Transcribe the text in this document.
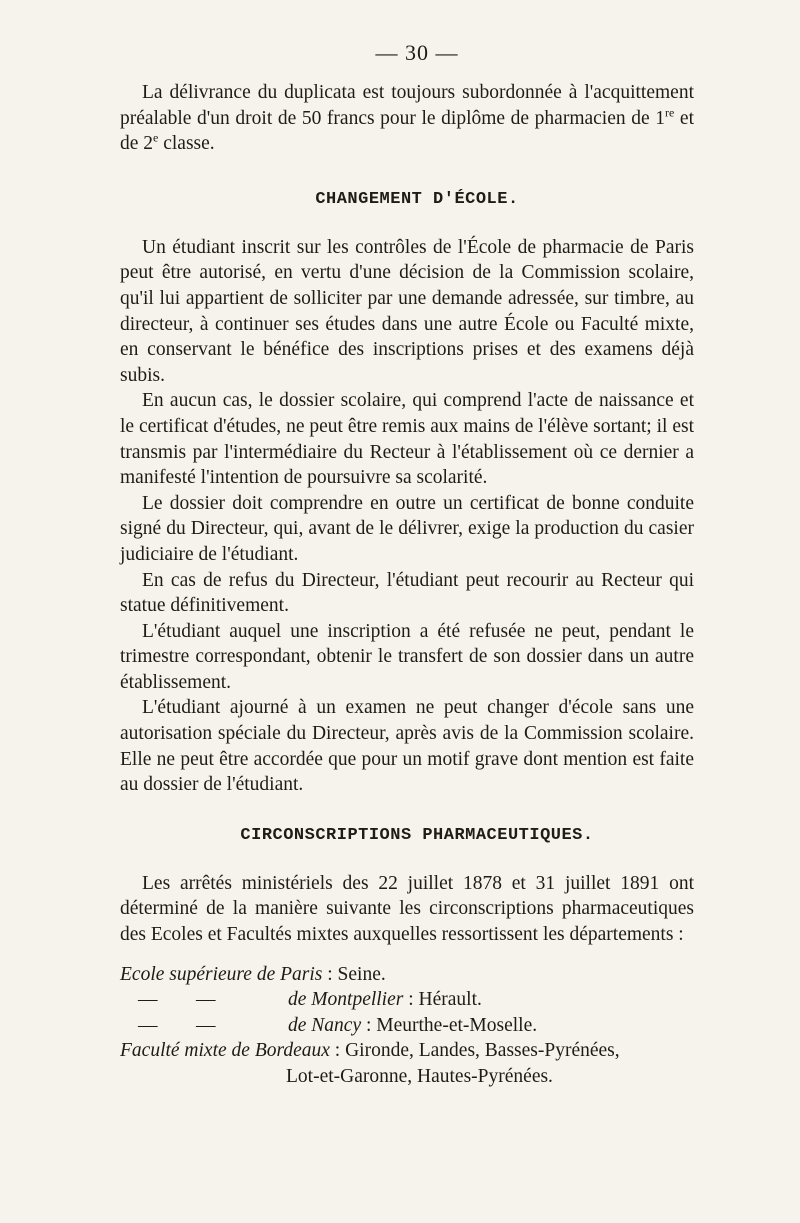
— 30 —

La délivrance du duplicata est toujours subordonnée à l'acquittement préalable d'un droit de 50 francs pour le diplôme de pharmacien de 1re et de 2e classe.

CHANGEMENT D'ÉCOLE.

Un étudiant inscrit sur les contrôles de l'École de pharmacie de Paris peut être autorisé, en vertu d'une décision de la Commission scolaire, qu'il lui appartient de solliciter par une demande adressée, sur timbre, au directeur, à continuer ses études dans une autre École ou Faculté mixte, en conservant le bénéfice des inscriptions prises et des examens déjà subis.

En aucun cas, le dossier scolaire, qui comprend l'acte de naissance et le certificat d'études, ne peut être remis aux mains de l'élève sortant; il est transmis par l'intermédiaire du Recteur à l'établissement où ce dernier a manifesté l'intention de poursuivre sa scolarité.

Le dossier doit comprendre en outre un certificat de bonne conduite signé du Directeur, qui, avant de le délivrer, exige la production du casier judiciaire de l'étudiant.

En cas de refus du Directeur, l'étudiant peut recourir au Recteur qui statue définitivement.

L'étudiant auquel une inscription a été refusée ne peut, pendant le trimestre correspondant, obtenir le transfert de son dossier dans un autre établissement.

L'étudiant ajourné à un examen ne peut changer d'école sans une autorisation spéciale du Directeur, après avis de la Commission scolaire. Elle ne peut être accordée que pour un motif grave dont mention est faite au dossier de l'étudiant.

CIRCONSCRIPTIONS PHARMACEUTIQUES.

Les arrêtés ministériels des 22 juillet 1878 et 31 juillet 1891 ont déterminé de la manière suivante les circonscriptions pharmaceutiques des Ecoles et Facultés mixtes auxquelles ressortissent les départements :

Ecole supérieure de Paris : Seine.
— —	de Montpellier : Hérault.
— —	de Nancy : Meurthe-et-Moselle.
Faculté mixte de Bordeaux : Gironde, Landes, Basses-Pyrénées,
Lot-et-Garonne, Hautes-Pyrénées.
